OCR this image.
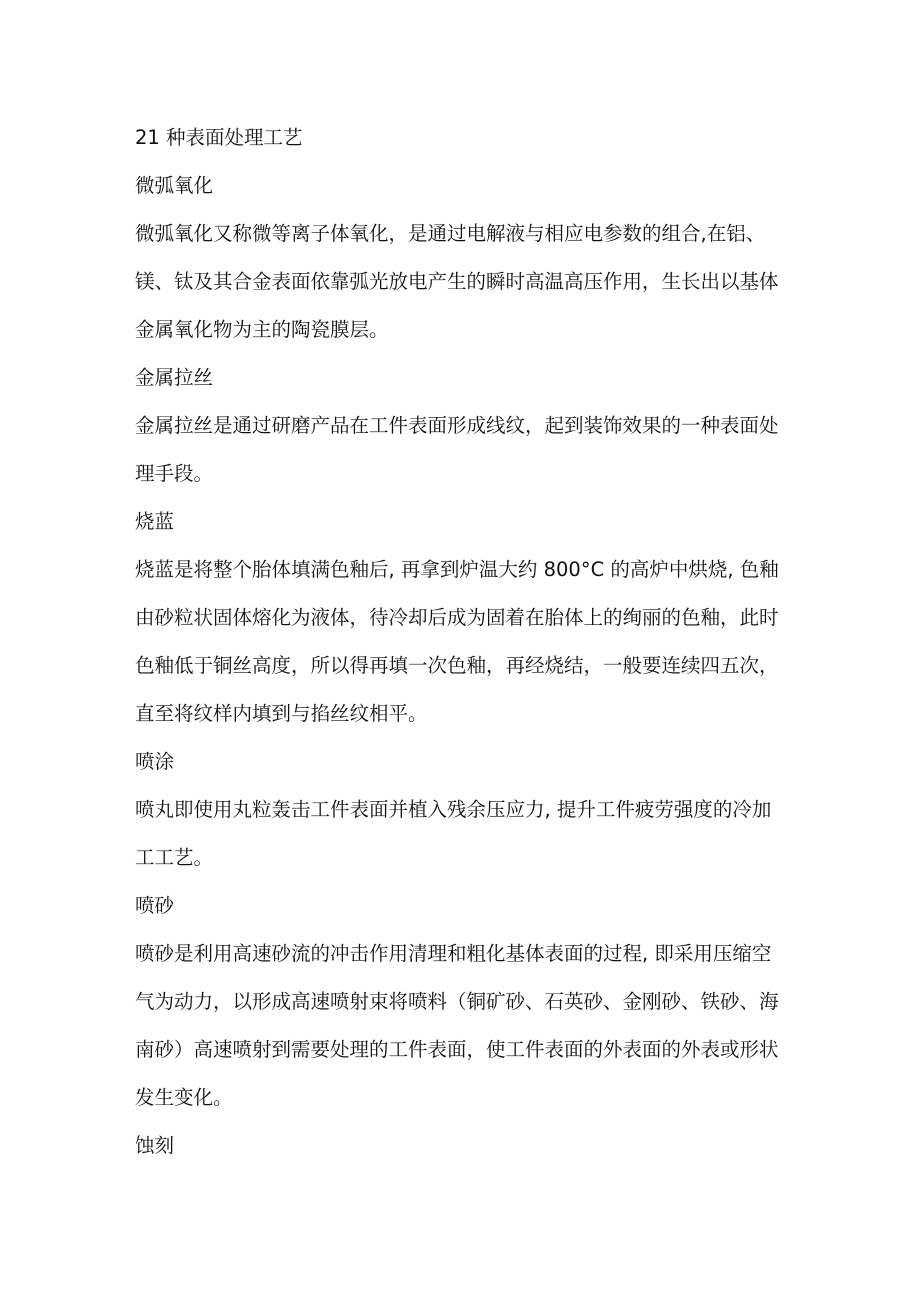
21 种表面处理工艺
微弧氧化
微弧氧化又称微等离子体氧化，是通过电解液与相应电参数的组合,在铝、
镁、钛及其合金表面依靠弧光放电产生的瞬时高温高压作用，生长出以基体
金属氧化物为主的陶瓷膜层。
金属拉丝
金属拉丝是通过研磨产品在工件表面形成线纹，起到装饰效果的一种表面处
理手段。
烧蓝
烧蓝是将整个胎体填满色釉后, 再拿到炉温大约 800°C 的高炉中烘烧, 色釉
由砂粒状固体熔化为液体，待冷却后成为固着在胎体上的绚丽的色釉，此时
色釉低于铜丝高度，所以得再填一次色釉，再经烧结，一般要连续四五次，
直至将纹样内填到与掐丝纹相平。
喷涂
喷丸即使用丸粒轰击工件表面并植入残余压应力, 提升工件疲劳强度的冷加
工工艺。
喷砂
喷砂是利用高速砂流的冲击作用清理和粗化基体表面的过程, 即采用压缩空
气为动力，以形成高速喷射束将喷料（铜矿砂、石英砂、金刚砂、铁砂、海
南砂）高速喷射到需要处理的工件表面，使工件表面的外表面的外表或形状
发生变化。
蚀刻
